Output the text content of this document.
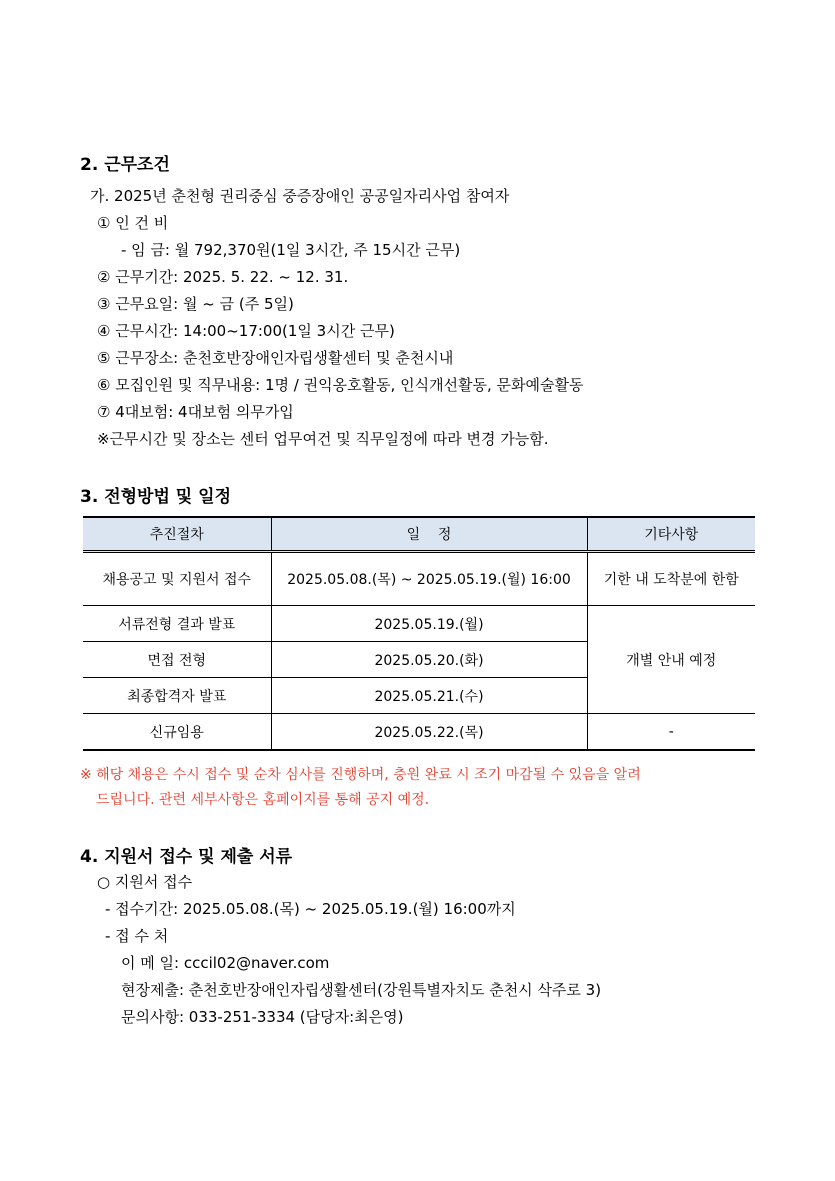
2. 근무조건
가. 2025년 춘천형 권리중심 중증장애인 공공일자리사업 참여자
① 인 건 비
- 임 금: 월 792,370원(1일 3시간, 주 15시간 근무)
② 근무기간: 2025. 5. 22. ~ 12. 31.
③ 근무요일: 월 ~ 금 (주 5일)
④ 근무시간: 14:00~17:00(1일 3시간 근무)
⑤ 근무장소: 춘천호반장애인자립생활센터 및 춘천시내
⑥ 모집인원 및 직무내용: 1명 / 권익옹호활동, 인식개선활동, 문화예술활동
⑦ 4대보험: 4대보험 의무가입
※근무시간 및 장소는 센터 업무여건 및 직무일정에 따라 변경 가능함.
3. 전형방법 및 일정
추진절차	일    정	기타사항
채용공고 및 지원서 접수	2025.05.08.(목) ~ 2025.05.19.(월) 16:00	기한 내 도착분에 한함
서류전형 결과 발표	2025.05.19.(월)	개별 안내 예정
면접 전형	2025.05.20.(화)	
최종합격자 발표	2025.05.21.(수)	
신규임용	2025.05.22.(목)	-
※ 해당 채용은 수시 접수 및 순차 심사를 진행하며, 충원 완료 시 조기 마감될 수 있음을 알려
드립니다. 관련 세부사항은 홈페이지를 통해 공지 예정.
4. 지원서 접수 및 제출 서류
○ 지원서 접수
- 접수기간: 2025.05.08.(목) ~ 2025.05.19.(월) 16:00까지
- 접 수 처
이 메 일: cccil02@naver.com
현장제출: 춘천호반장애인자립생활센터(강원특별자치도 춘천시 삭주로 3)
문의사항: 033-251-3334 (담당자:최은영)
